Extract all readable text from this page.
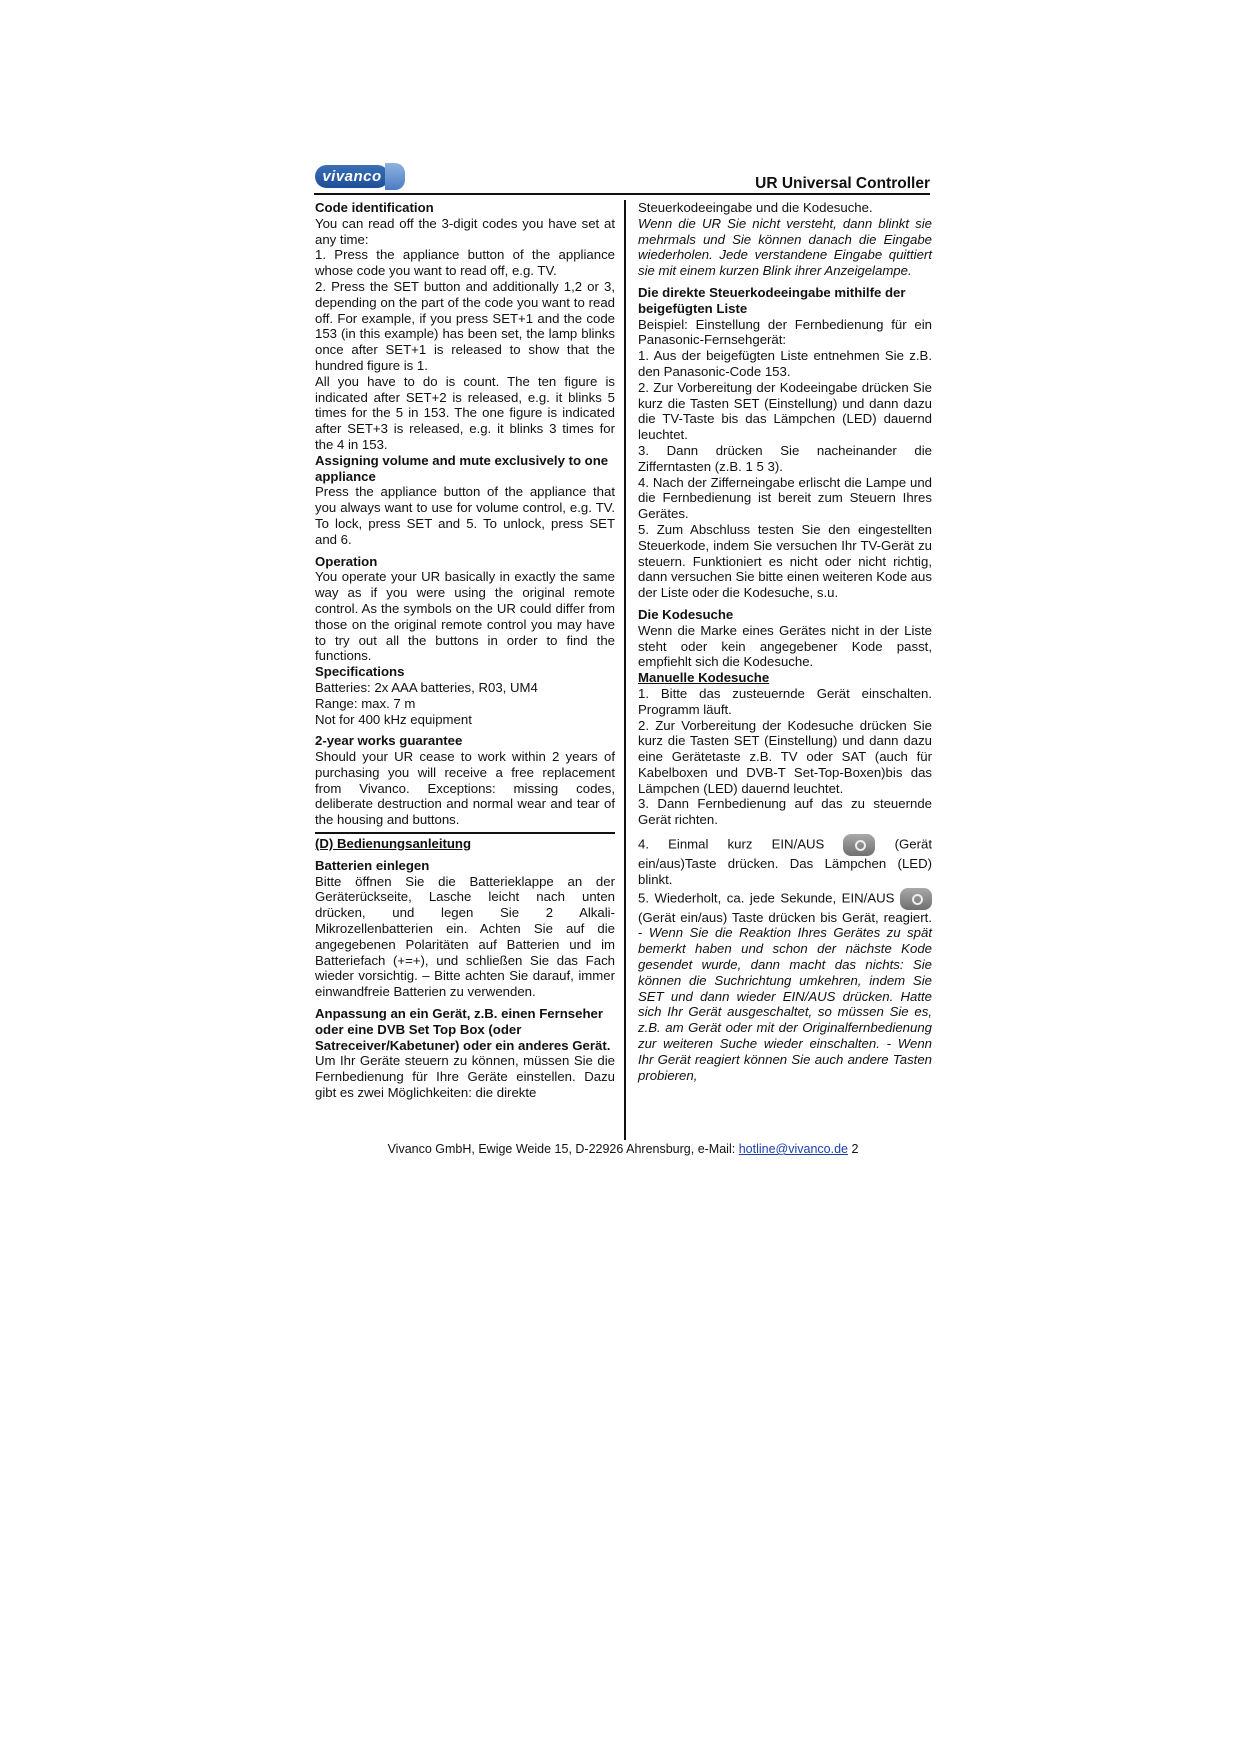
vivanco	UR Universal Controller
Code identification

You can read off the 3-digit codes you have set at any time:

1. Press the appliance button of the appliance whose code you want to read off, e.g. TV.

2. Press the SET button and additionally 1,2 or 3, depending on the part of the code you want to read off. For example, if you press SET+1 and the code 153 (in this example) has been set, the lamp blinks once after SET+1 is released to show that the hundred figure is 1.

All you have to do is count. The ten figure is indicated after SET+2 is released, e.g. it blinks 5 times for the 5 in 153. The one figure is indicated after SET+3 is released, e.g. it blinks 3 times for the 4 in 153.

Assigning volume and mute exclusively to one appliance

Press the appliance button of the appliance that you always want to use for volume control, e.g. TV. To lock, press SET and 5. To unlock, press SET and 6.

Operation

You operate your UR basically in exactly the same way as if you were using the original remote control. As the symbols on the UR could differ from those on the original remote control you may have to try out all the buttons in order to find the functions.

Specifications

Batteries: 2x AAA batteries, R03, UM4

Range: max. 7 m

Not for 400 kHz equipment

2-year works guarantee

Should your UR cease to work within 2 years of purchasing you will receive a free replacement from Vivanco. Exceptions: missing codes, deliberate destruction and normal wear and tear of the housing and buttons.

(D) Bedienungsanleitung

Batterien einlegen

Bitte öffnen Sie die Batterieklappe an der Geräterückseite, Lasche leicht nach unten drücken, und legen Sie 2 Alkali-Mikrozellenbatterien ein. Achten Sie auf die angegebenen Polaritäten auf Batterien und im Batteriefach (+=+), und schließen Sie das Fach wieder vorsichtig. – Bitte achten Sie darauf, immer einwandfreie Batterien zu verwenden.

Anpassung an ein Gerät, z.B. einen Fernseher oder eine DVB Set Top Box (oder Satreceiver/Kabetuner) oder ein anderes Gerät.

Um Ihr Geräte steuern zu können, müssen Sie die Fernbedienung für Ihre Geräte einstellen. Dazu gibt es zwei Möglichkeiten: die direkte

Steuerkodeeingabe und die Kodesuche.

Wenn die UR Sie nicht versteht, dann blinkt sie mehrmals und Sie können danach die Eingabe wiederholen. Jede verstandene Eingabe quittiert sie mit einem kurzen Blink ihrer Anzeigelampe.

Die direkte Steuerkodeeingabe mithilfe der beigefügten Liste

Beispiel: Einstellung der Fernbedienung für ein Panasonic-Fernsehgerät:

1. Aus der beigefügten Liste entnehmen Sie z.B. den Panasonic-Code 153.

2. Zur Vorbereitung der Kodeeingabe drücken Sie kurz die Tasten SET (Einstellung) und dann dazu die TV-Taste bis das Lämpchen (LED) dauernd leuchtet.

3. Dann drücken Sie nacheinander die Zifferntasten (z.B. 1 5 3).

4. Nach der Zifferneingabe erlischt die Lampe und die Fernbedienung ist bereit zum Steuern Ihres Gerätes.

5. Zum Abschluss testen Sie den eingestellten Steuerkode, indem Sie versuchen Ihr TV-Gerät zu steuern. Funktioniert es nicht oder nicht richtig, dann versuchen Sie bitte einen weiteren Kode aus der Liste oder die Kodesuche, s.u.

Die Kodesuche

Wenn die Marke eines Gerätes nicht in der Liste steht oder kein angegebener Kode passt, empfiehlt sich die Kodesuche.

Manuelle Kodesuche

1. Bitte das zusteuernde Gerät einschalten. Programm läuft.

2. Zur Vorbereitung der Kodesuche drücken Sie kurz die Tasten SET (Einstellung) und dann dazu eine Gerätetaste z.B. TV oder SAT (auch für Kabelboxen und DVB-T Set-Top-Boxen)bis das Lämpchen (LED) dauernd leuchtet.

3. Dann Fernbedienung auf das zu steuernde Gerät richten.

4. Einmal kurz EIN/AUS	(Gerät ein/aus)Taste drücken. Das Lämpchen (LED) blinkt.

5. Wiederholt, ca. jede Sekunde, EIN/AUS  (Gerät ein/aus) Taste drücken bis Gerät, reagiert. - Wenn Sie die Reaktion Ihres Gerätes zu spät bemerkt haben und schon der nächste Kode gesendet wurde, dann macht das nichts: Sie können die Suchrichtung umkehren, indem Sie SET und dann wieder EIN/AUS drücken. Hatte sich Ihr Gerät ausgeschaltet, so müssen Sie es, z.B. am Gerät oder mit der Originalfernbedienung zur weiteren Suche wieder einschalten. - Wenn Ihr Gerät reagiert können Sie auch andere Tasten probieren,

Vivanco GmbH, Ewige Weide 15, D-22926 Ahrensburg, e-Mail: hotline@vivanco.de 2
